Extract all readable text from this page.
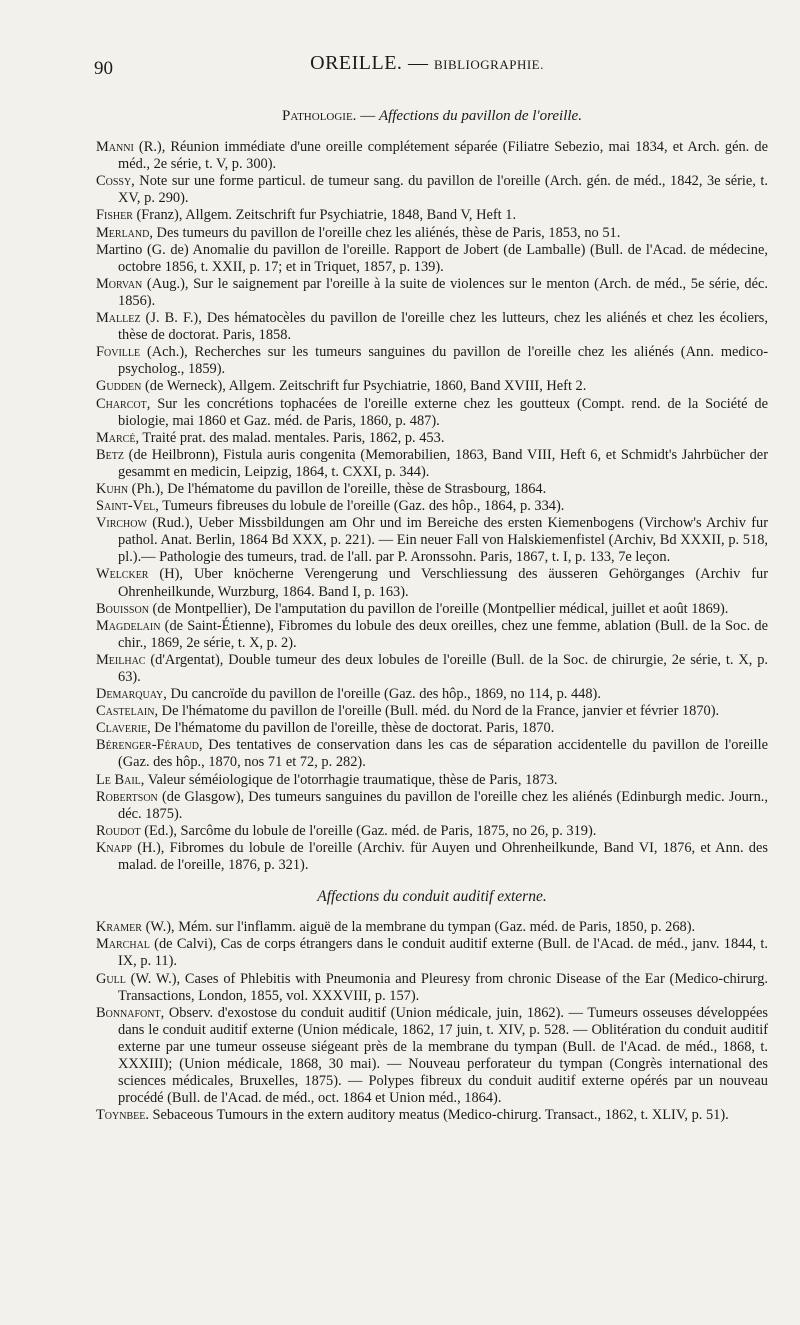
90	OREILLE. — BIBLIOGRAPHIE.
Pathologie. — Affections du pavillon de l'oreille.

Manni (R.), Réunion immédiate d'une oreille complétement séparée (Filiatre Sebezio, mai 1834, et Arch. gén. de méd., 2e série, t. V, p. 300).

Cossy, Note sur une forme particul. de tumeur sang. du pavillon de l'oreille (Arch. gén. de méd., 1842, 3e série, t. XV, p. 290).

Fisher (Franz), Allgem. Zeitschrift fur Psychiatrie, 1848, Band V, Heft 1.

Merland, Des tumeurs du pavillon de l'oreille chez les aliénés, thèse de Paris, 1853, no 51.

Martino (G. de) Anomalie du pavillon de l'oreille. Rapport de Jobert (de Lamballe) (Bull. de l'Acad. de médecine, octobre 1856, t. XXII, p. 17; et in Triquet, 1857, p. 139).

Morvan (Aug.), Sur le saignement par l'oreille à la suite de violences sur le menton (Arch. de méd., 5e série, déc. 1856).

Mallez (J. B. F.), Des hématocèles du pavillon de l'oreille chez les lutteurs, chez les aliénés et chez les écoliers, thèse de doctorat. Paris, 1858.

Foville (Ach.), Recherches sur les tumeurs sanguines du pavillon de l'oreille chez les aliénés (Ann. medico-psycholog., 1859).

Gudden (de Werneck), Allgem. Zeitschrift fur Psychiatrie, 1860, Band XVIII, Heft 2.

Charcot, Sur les concrétions tophacées de l'oreille externe chez les goutteux (Compt. rend. de la Société de biologie, mai 1860 et Gaz. méd. de Paris, 1860, p. 487).

Marcé, Traité prat. des malad. mentales. Paris, 1862, p. 453.

Betz (de Heilbronn), Fistula auris congenita (Memorabilien, 1863, Band VIII, Heft 6, et Schmidt's Jahrbücher der gesammt en medicin, Leipzig, 1864, t. CXXI, p. 344).

Kuhn (Ph.), De l'hématome du pavillon de l'oreille, thèse de Strasbourg, 1864.

Saint-Vel, Tumeurs fibreuses du lobule de l'oreille (Gaz. des hôp., 1864, p. 334).

Virchow (Rud.), Ueber Missbildungen am Ohr und im Bereiche des ersten Kiemenbogens (Virchow's Archiv fur pathol. Anat. Berlin, 1864 Bd XXX, p. 221). — Ein neuer Fall von Halskiemenfistel (Archiv, Bd XXXII, p. 518, pl.).— Pathologie des tumeurs, trad. de l'all. par P. Aronssohn. Paris, 1867, t. I, p. 133, 7e leçon.

Welcker (H), Uber knöcherne Verengerung und Verschliessung des äusseren Gehörganges (Archiv fur Ohrenheilkunde, Wurzburg, 1864. Band I, p. 163).

Bouisson (de Montpellier), De l'amputation du pavillon de l'oreille (Montpellier médical, juillet et août 1869).

Magdelain (de Saint-Étienne), Fibromes du lobule des deux oreilles, chez une femme, ablation (Bull. de la Soc. de chir., 1869, 2e série, t. X, p. 2).

Meilhac (d'Argentat), Double tumeur des deux lobules de l'oreille (Bull. de la Soc. de chirurgie, 2e série, t. X, p. 63).

Demarquay, Du cancroïde du pavillon de l'oreille (Gaz. des hôp., 1869, no 114, p. 448).

Castelain, De l'hématome du pavillon de l'oreille (Bull. méd. du Nord de la France, janvier et février 1870).

Claverie, De l'hématome du pavillon de l'oreille, thèse de doctorat. Paris, 1870.

Bérenger-Féraud, Des tentatives de conservation dans les cas de séparation accidentelle du pavillon de l'oreille (Gaz. des hôp., 1870, nos 71 et 72, p. 282).

Le Bail, Valeur séméiologique de l'otorrhagie traumatique, thèse de Paris, 1873.

Robertson (de Glasgow), Des tumeurs sanguines du pavillon de l'oreille chez les aliénés (Edinburgh medic. Journ., déc. 1875).

Roudot (Ed.), Sarcôme du lobule de l'oreille (Gaz. méd. de Paris, 1875, no 26, p. 319).

Knapp (H.), Fibromes du lobule de l'oreille (Archiv. für Auyen und Ohrenheilkunde, Band VI, 1876, et Ann. des malad. de l'oreille, 1876, p. 321).

Affections du conduit auditif externe.

Kramer (W.), Mém. sur l'inflamm. aiguë de la membrane du tympan (Gaz. méd. de Paris, 1850, p. 268).

Marchal (de Calvi), Cas de corps étrangers dans le conduit auditif externe (Bull. de l'Acad. de méd., janv. 1844, t. IX, p. 11).

Gull (W. W.), Cases of Phlebitis with Pneumonia and Pleuresy from chronic Disease of the Ear (Medico-chirurg. Transactions, London, 1855, vol. XXXVIII, p. 157).

Bonnafont, Observ. d'exostose du conduit auditif (Union médicale, juin, 1862). — Tumeurs osseuses développées dans le conduit auditif externe (Union médicale, 1862, 17 juin, t. XIV, p. 528. — Oblitération du conduit auditif externe par une tumeur osseuse siégeant près de la membrane du tympan (Bull. de l'Acad. de méd., 1868, t. XXXIII); (Union médicale, 1868, 30 mai). — Nouveau perforateur du tympan (Congrès international des sciences médicales, Bruxelles, 1875). — Polypes fibreux du conduit auditif externe opérés par un nouveau procédé (Bull. de l'Acad. de méd., oct. 1864 et Union méd., 1864).

Toynbee. Sebaceous Tumours in the extern auditory meatus (Medico-chirurg. Transact., 1862, t. XLIV, p. 51).
